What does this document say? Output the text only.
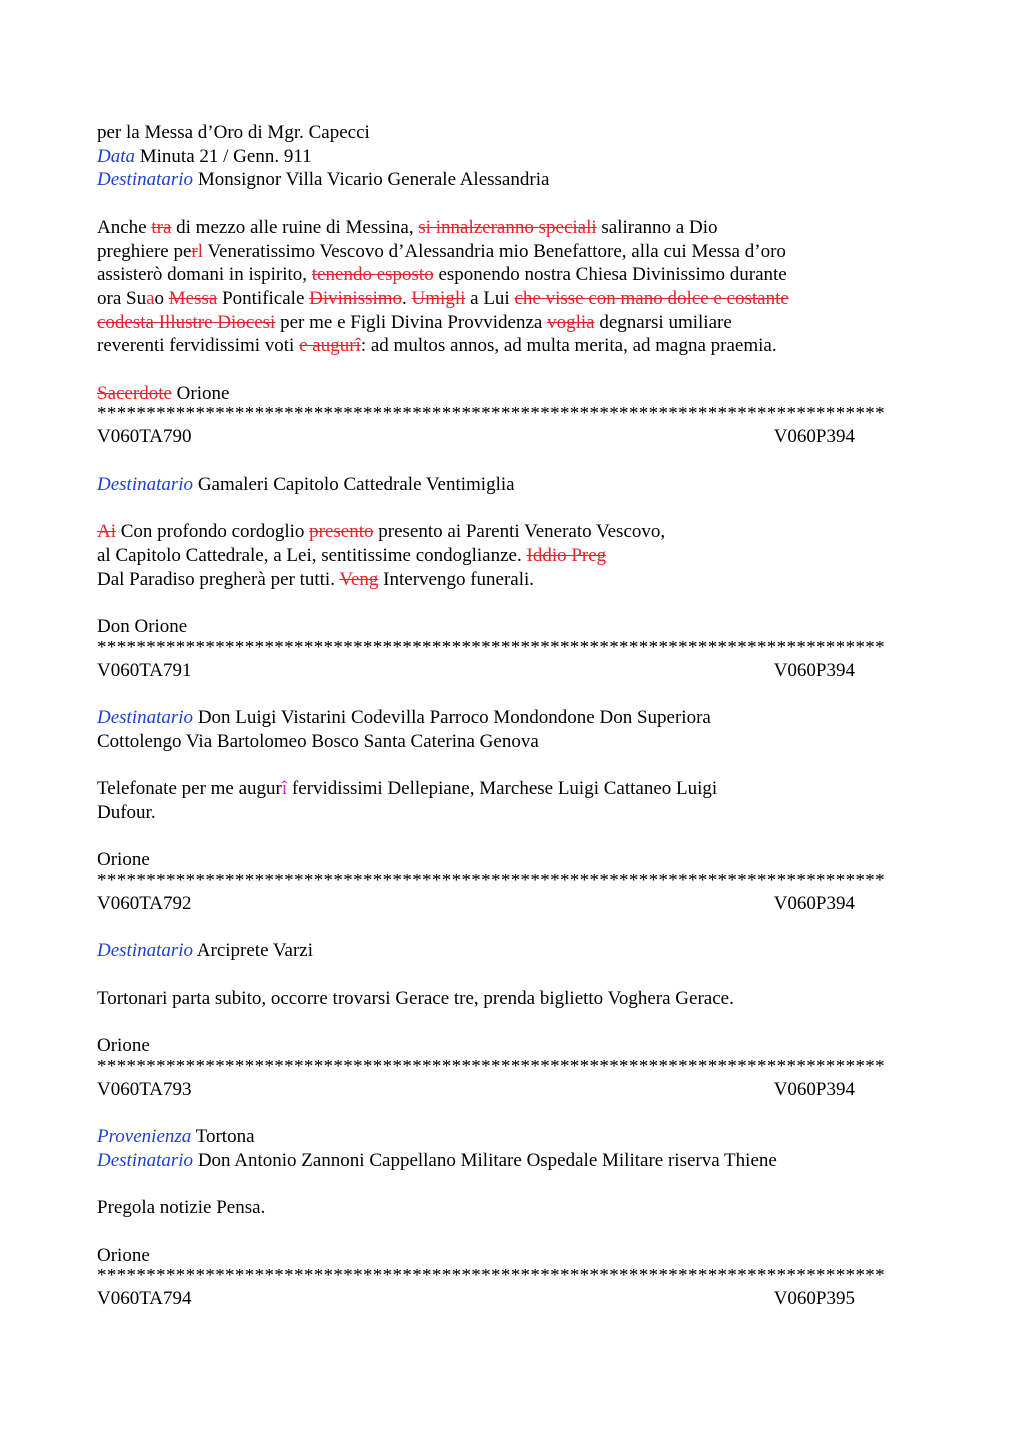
per la Messa d’Oro di Mgr. Capecci
Data Minuta 21 / Genn. 911
Destinatario Monsignor Villa Vicario Generale Alessandria
Anche tra di mezzo alle ruine di Messina, si innalzeranno speciali saliranno a Dio
preghiere perl Veneratissimo Vescovo d’Alessandria mio Benefattore, alla cui Messa d’oro
assisterò domani in ispirito, tenendo esposto esponendo nostra Chiesa Divinissimo durante
ora Suao Messa Pontificale Divinissimo. Umigli a Lui che visse con mano dolce e costante
codesta Illustre Diocesi per me e Figli Divina Provvidenza voglia degnarsi umiliare
reverenti fervidissimi voti e augurî: ad multos annos, ad multa merita, ad magna praemia.
Sacerdote Orione
********************************************************************************
V060TA790	V060P394
Destinatario Gamaleri Capitolo Cattedrale Ventimiglia
Ai Con profondo cordoglio presento presento ai Parenti Venerato Vescovo,
al Capitolo Cattedrale, a Lei, sentitissime condoglianze. Iddio Preg
Dal Paradiso pregherà per tutti. Veng Intervengo funerali.
Don Orione
********************************************************************************
V060TA791	V060P394
Destinatario Don Luigi Vistarini Codevilla Parroco Mondondone Don Superiora
Cottolengo Via Bartolomeo Bosco Santa Caterina Genova
Telefonate per me augurî fervidissimi Dellepiane, Marchese Luigi Cattaneo Luigi
Dufour.
Orione
********************************************************************************
V060TA792	V060P394
Destinatario Arciprete Varzi
Tortonari parta subito, occorre trovarsi Gerace tre, prenda biglietto Voghera Gerace.
Orione
********************************************************************************
V060TA793	V060P394
Provenienza Tortona
Destinatario Don Antonio Zannoni Cappellano Militare Ospedale Militare riserva Thiene
Pregola notizie Pensa.
Orione
********************************************************************************
V060TA794	V060P395
